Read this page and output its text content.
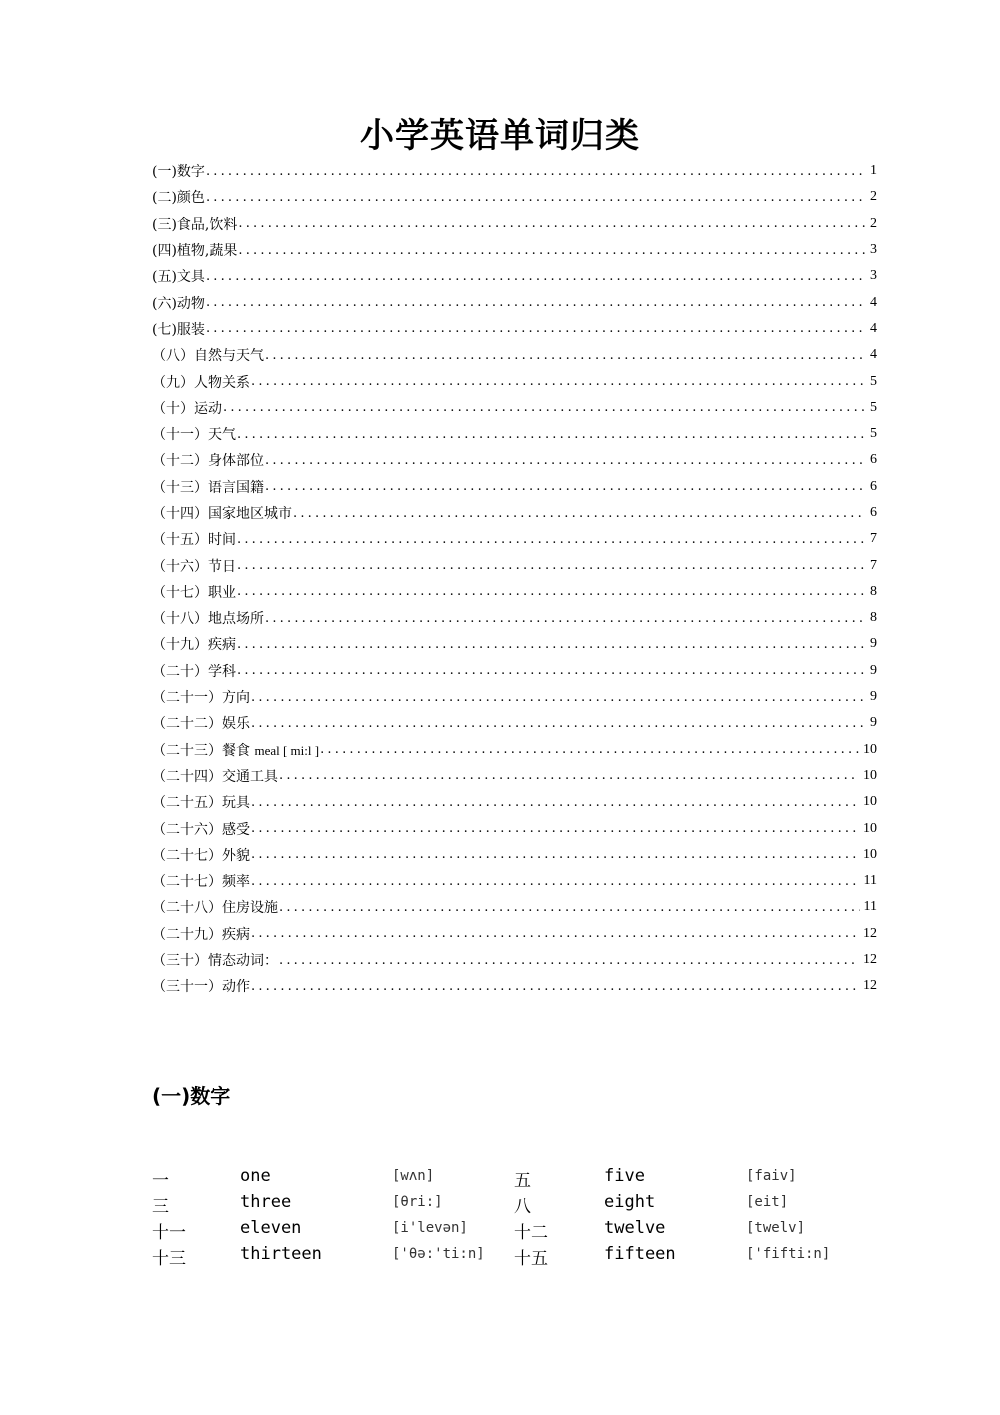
小学英语单词归类
(一)数字 .....	1
(二)颜色 .....	2
(三)食品,饮料 .....	2
(四)植物,蔬果 .....	3
(五)文具 .....	3
(六)动物 .....	4
(七)服装 .....	4
（八）自然与天气 .....	4
（九）人物关系 .....	5
（十）运动 .....	5
（十一）天气 .....	5
（十二）身体部位 .....	6
（十三）语言国籍 .....	6
（十四）国家地区城市 .....	6
（十五）时间 .....	7
（十六）节日 .....	7
（十七）职业 .....	8
（十八）地点场所 .....	8
（十九）疾病 .....	9
（二十）学科 .....	9
（二十一）方向 .....	9
（二十二）娱乐 .....	9
（二十三）餐食 meal [ mi:l ] .....	10
（二十四）交通工具 .....	10
（二十五）玩具 .....	10
（二十六）感受 .....	10
（二十七）外貌 .....	10
（二十七）频率 .....	11
（二十八）住房设施 .....	11
（二十九）疾病 .....	12
（三十）情态动词： .....	12
（三十一）动作 .....	12
(一)数字
一	one	[wʌn]	五	five	[faiv]
三	three	[θri:]	八	eight	[eit]
十一	eleven	[i'levən]	十二	twelve	[twelv]
十三	thirteen	['θə:'ti:n] 十五	fifteen	['fifti:n]
